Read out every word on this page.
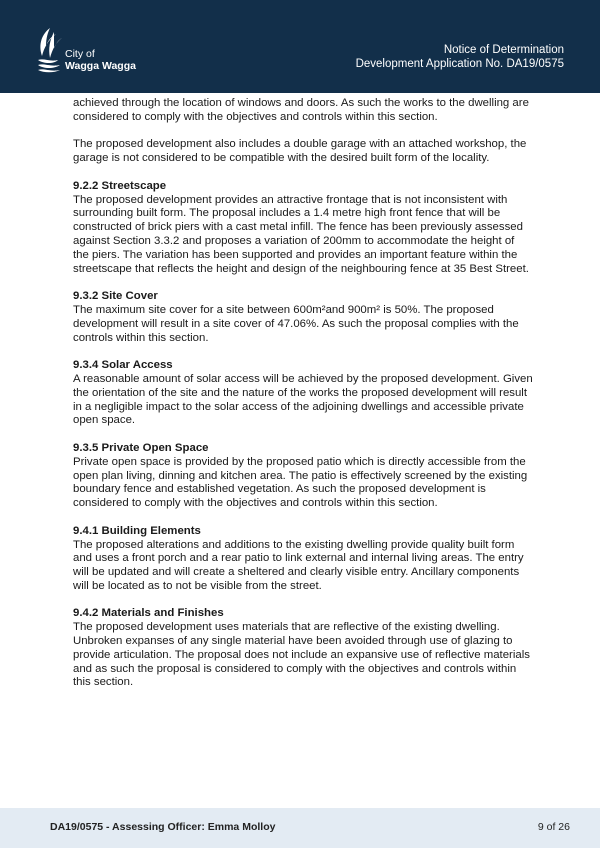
City of
Wagga Wagga
Notice of Determination
Development Application No. DA19/0575

achieved through the location of windows and doors. As such the works to the dwelling are considered to comply with the objectives and controls within this section.

The proposed development also includes a double garage with an attached workshop, the garage is not considered to be compatible with the desired built form of the locality.

9.2.2 Streetscape

The proposed development provides an attractive frontage that is not inconsistent with surrounding built form. The proposal includes a 1.4 metre high front fence that will be constructed of brick piers with a cast metal infill. The fence has been previously assessed against Section 3.3.2 and proposes a variation of 200mm to accommodate the height of the piers. The variation has been supported and provides an important feature within the streetscape that reflects the height and design of the neighbouring fence at 35 Best Street.

9.3.2 Site Cover

The maximum site cover for a site between 600m²and 900m² is 50%. The proposed development will result in a site cover of 47.06%. As such the proposal complies with the controls within this section.

9.3.4 Solar Access

A reasonable amount of solar access will be achieved by the proposed development. Given the orientation of the site and the nature of the works the proposed development will result in a negligible impact to the solar access of the adjoining dwellings and accessible private open space.

9.3.5 Private Open Space

Private open space is provided by the proposed patio which is directly accessible from the open plan living, dinning and kitchen area. The patio is effectively screened by the existing boundary fence and established vegetation. As such the proposed development is considered to comply with the objectives and controls within this section.

9.4.1 Building Elements

The proposed alterations and additions to the existing dwelling provide quality built form and uses a front porch and a rear patio to link external and internal living areas. The entry will be updated and will create a sheltered and clearly visible entry. Ancillary components will be located as to not be visible from the street.

9.4.2 Materials and Finishes

The proposed development uses materials that are reflective of the existing dwelling. Unbroken expanses of any single material have been avoided through use of glazing to provide articulation. The proposal does not include an expansive use of reflective materials and as such the proposal is considered to comply with the objectives and controls within this section.

DA19/0575 - Assessing Officer: Emma Molloy	9 of 26
